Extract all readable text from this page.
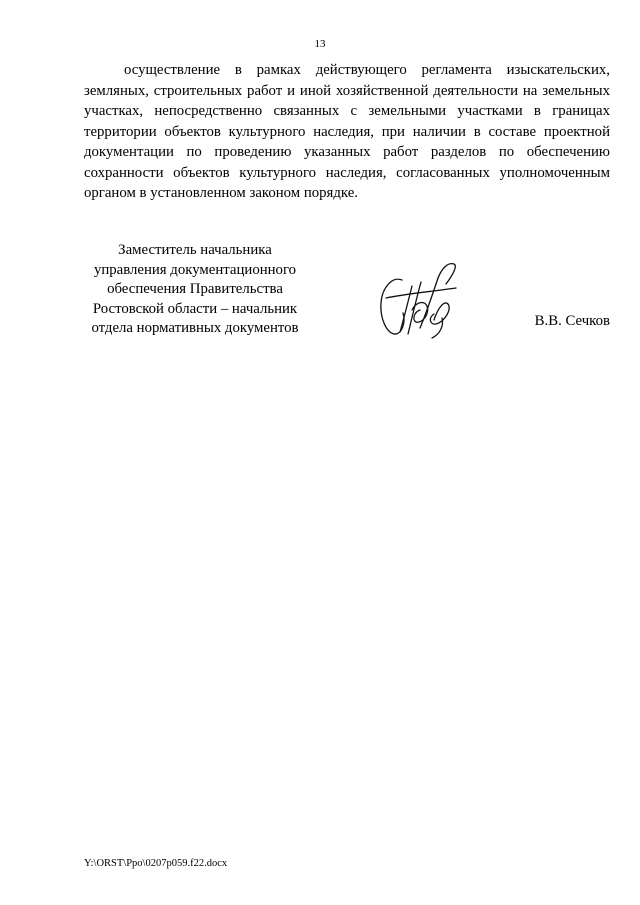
13

осуществление в рамках действующего регламента изыскательских, земляных, строительных работ и иной хозяйственной деятельности на земельных участках, непосредственно связанных с земельными участками в границах территории объектов культурного наследия, при наличии в составе проектной документации по проведению указанных работ разделов по обеспечению сохранности объектов культурного наследия, согласованных уполномоченным органом в установленном законом порядке.

Заместитель начальника
управления документационного
обеспечения Правительства
Ростовской области – начальник
отдела нормативных документов	В.В. Сечков
Y:\ORST\Ppo\0207p059.f22.docx
